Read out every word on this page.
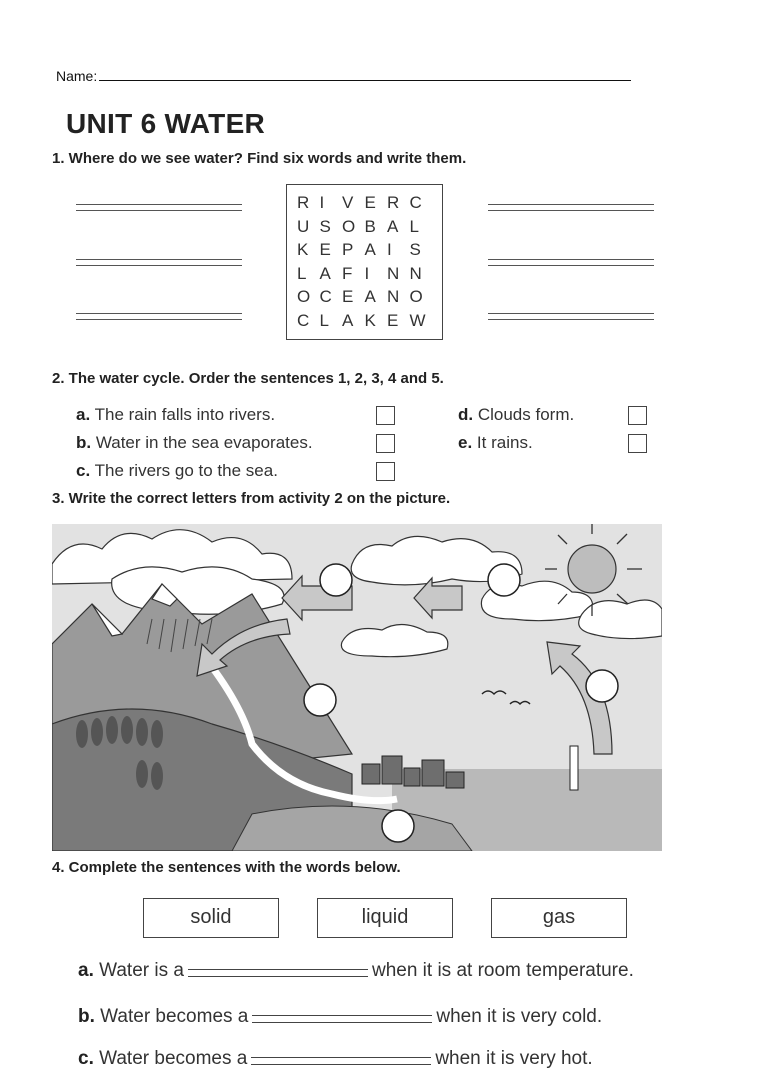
Name:
UNIT 6 WATER
1. Where do we see water? Find six words and write them.
R I	V E R C
U S O B A L
K E P A I	S
L A F I	N N
O C E A N O
C L A K E W
2. The water cycle. Order the sentences 1, 2, 3, 4 and 5.
a. The rain falls into rivers.
b. Water in the sea evaporates.
c. The rivers go to the sea.
d. Clouds form.
e. It rains.
3. Write the correct letters from activity 2 on the picture.
4. Complete the sentences with the words below.
solid	liquid	gas
a. Water is a	when it is at room temperature.
b. Water becomes a	when it is very cold.
c. Water becomes a	when it is very hot.
